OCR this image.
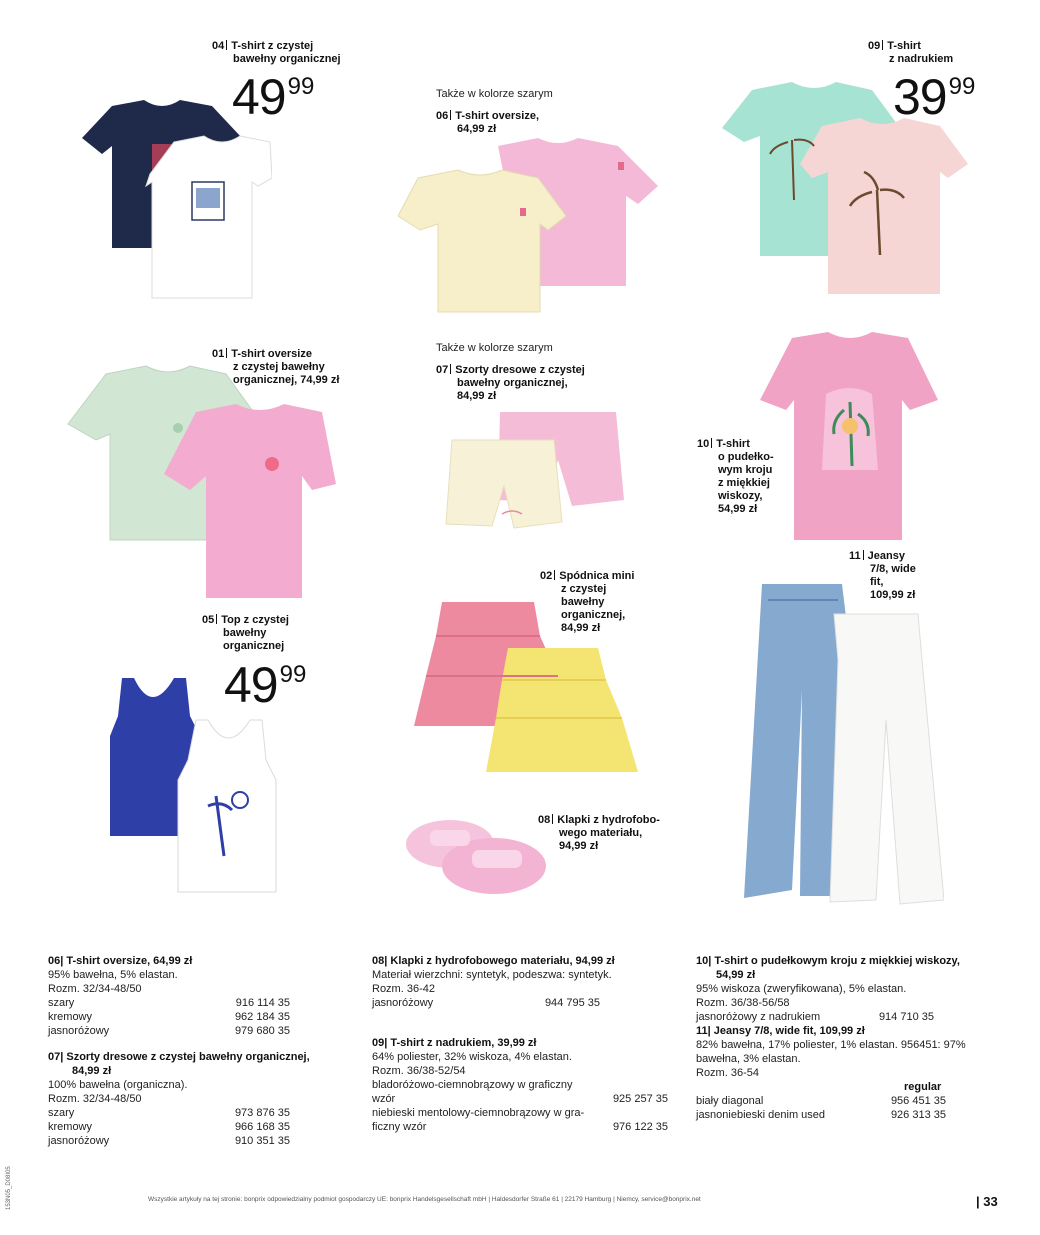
04 T-shirt z czystej
bawełny organicznej
4999	Także w kolorze szarym
06 T-shirt oversize,
64,99 zł
09 T-shirt
z nadrukiem
3999
01 T-shirt oversize
z czystej bawełny
organicznej, 74,99 zł
Także w kolorze szarym
07 Szorty dresowe z czystej
bawełny organicznej,
84,99 zł
10 T-shirt
o pudełko-
wym kroju
z miękkiej
wiskozy,
54,99 zł
11 Jeansy
7/8, wide
fit,
109,99 zł
02 Spódnica mini
z czystej
bawełny
organicznej,
84,99 zł
05 Top z czystej
bawełny
organicznej
4999
08 Klapki z hydrofobo-
wego materiału,
94,99 zł
06| T-shirt oversize, 64,99 zł
95% bawełna, 5% elastan.
Rozm. 32/34-48/50
szary	916 114 35
kremowy	962 184 35
jasnoróżowy	979 680 35
07| Szorty dresowe z czystej bawełny organicznej,
84,99 zł
100% bawełna (organiczna).
Rozm. 32/34-48/50
szary	973 876 35
kremowy	966 168 35
jasnoróżowy	910 351 35
08| Klapki z hydrofobowego materiału, 94,99 zł
Materiał wierzchni: syntetyk, podeszwa: syntetyk.
Rozm. 36-42
jasnoróżowy	944 795 35
09| T-shirt z nadrukiem, 39,99 zł
64% poliester, 32% wiskoza, 4% elastan.
Rozm. 36/38-52/54
bladoróżowo-ciemnobrązowy w graficzny
wzór	925 257 35
niebieski mentolowy-ciemnobrązowy w gra-
ficzny wzór	976 122 35
10| T-shirt o pudełkowym kroju z miękkiej wiskozy,
54,99 zł
95% wiskoza (zweryfikowana), 5% elastan.
Rozm. 36/38-56/58
jasnoróżowy z nadrukiem	914 710 35
11| Jeansy 7/8, wide fit, 109,99 zł
82% bawełna, 17% poliester, 1% elastan. 956451: 97%
bawełna, 3% elastan.
Rozm. 36-54
regular
biały diagonal	956 451 35
jasnoniebieski denim used	926 313 35
Wszystkie artykuły na tej stronie: bonprix odpowiedzialny podmiot gospodarczy UE: bonprix Handelsgesellschaft mbH | Haldesdorfer Straße 61 | 22179 Hamburg | Niemcy, service@bonprix.net	| 33
153N05_D08I05
